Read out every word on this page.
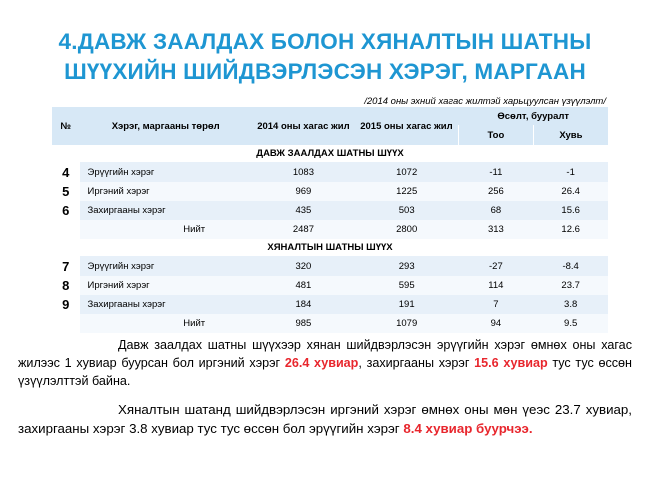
4.ДАВЖ ЗААЛДАХ БОЛОН ХЯНАЛТЫН ШАТНЫ
ШҮҮХИЙН ШИЙДВЭРЛЭСЭН ХЭРЭГ, МАРГААН
/2014 оны эхний хагас жилтэй харьцуулсан үзүүлэлт/
№	Хэрэг, маргааны төрөл	2014 оны хагас жил	2015 оны хагас жил	Өсөлт, бууралт	
				Тоо	Хувь
ДАВЖ ЗААЛДАХ ШАТНЫ ШҮҮХ					
4	Эрүүгийн хэрэг	1083	1072	-11	-1
5	Иргэний хэрэг	969	1225	256	26.4
6	Захиргааны хэрэг	435	503	68	15.6
	Нийт	2487	2800	313	12.6
ХЯНАЛТЫН ШАТНЫ ШҮҮХ					
7	Эрүүгийн хэрэг	320	293	-27	-8.4
8	Иргэний хэрэг	481	595	114	23.7
9	Захиргааны хэрэг	184	191	7	3.8
	Нийт	985	1079	94	9.5
Давж заалдах шатны шүүхээр хянан шийдвэрлэсэн эрүүгийн хэрэг өмнөх оны хагас жилээс 1 хувиар буурсан бол иргэний хэрэг 26.4 хувиар, захиргааны хэрэг 15.6 хувиар тус тус өссөн үзүүлэлттэй байна.
Хяналтын шатанд шийдвэрлэсэн иргэний хэрэг өмнөх оны мөн үеэс 23.7 хувиар, захиргааны хэрэг 3.8 хувиар тус тус өссөн бол эрүүгийн хэрэг 8.4 хувиар буурчээ.
